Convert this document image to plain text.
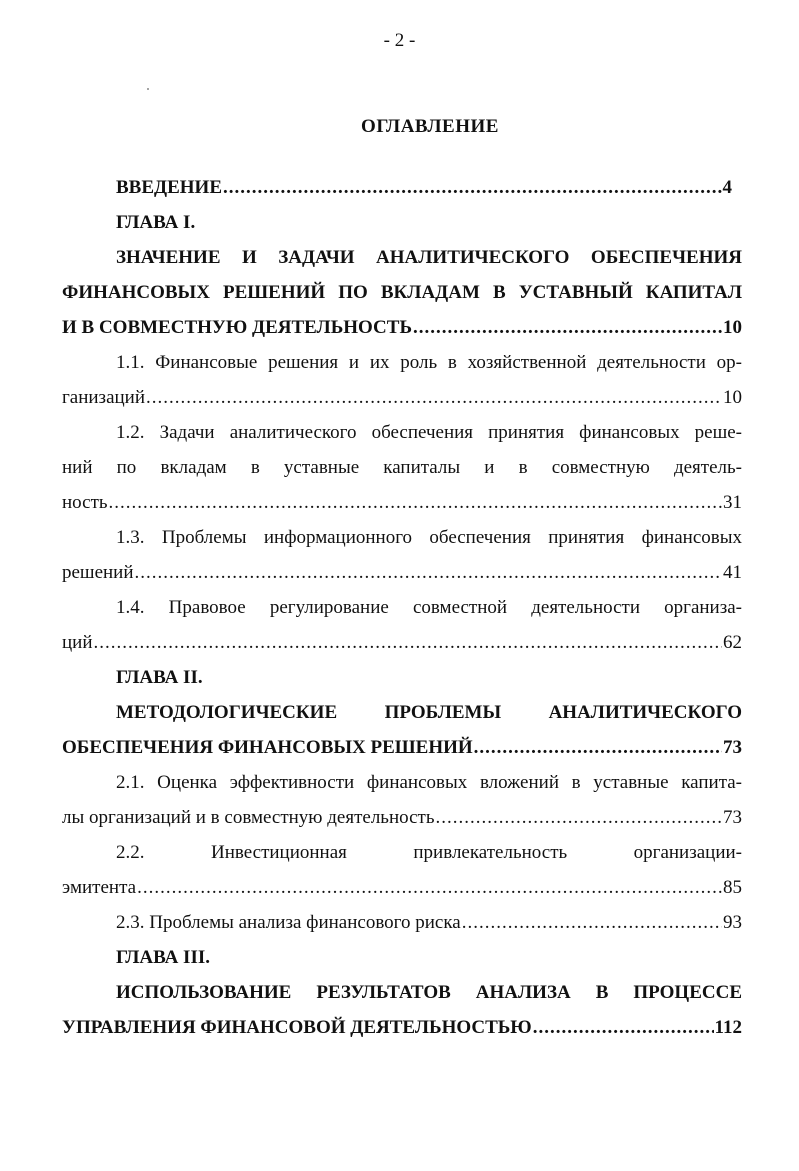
- 2 -
ОГЛАВЛЕНИЕ
ВВЕДЕНИЕ .....	4
ГЛАВА I.
ЗНАЧЕНИЕ И ЗАДАЧИ АНАЛИТИЧЕСКОГО ОБЕСПЕЧЕНИЯ
ФИНАНСОВЫХ РЕШЕНИЙ ПО ВКЛАДАМ В УСТАВНЫЙ КАПИТАЛ
И В СОВМЕСТНУЮ ДЕЯТЕЛЬНОСТЬ .....	10
1.1. Финансовые решения и их роль в хозяйственной деятельности ор-
ганизаций .....	10
1.2. Задачи аналитического обеспечения принятия финансовых реше-
ний по вкладам в уставные капиталы и в совместную деятель-
ность .....	31
1.3. Проблемы информационного обеспечения принятия финансовых
решений .....	41
1.4. Правовое регулирование совместной деятельности организа-
ций .....	62
ГЛАВА II.
МЕТОДОЛОГИЧЕСКИЕ ПРОБЛЕМЫ АНАЛИТИЧЕСКОГО
ОБЕСПЕЧЕНИЯ ФИНАНСОВЫХ РЕШЕНИЙ .....	73
2.1. Оценка эффективности финансовых вложений в уставные капита-
лы организаций и в совместную деятельность .....	73
2.2. Инвестиционная привлекательность организации-
эмитента .....	85
2.3. Проблемы анализа финансового риска .....	93
ГЛАВА III.
ИСПОЛЬЗОВАНИЕ РЕЗУЛЬТАТОВ АНАЛИЗА В ПРОЦЕССЕ
УПРАВЛЕНИЯ ФИНАНСОВОЙ ДЕЯТЕЛЬНОСТЬЮ .....	112
